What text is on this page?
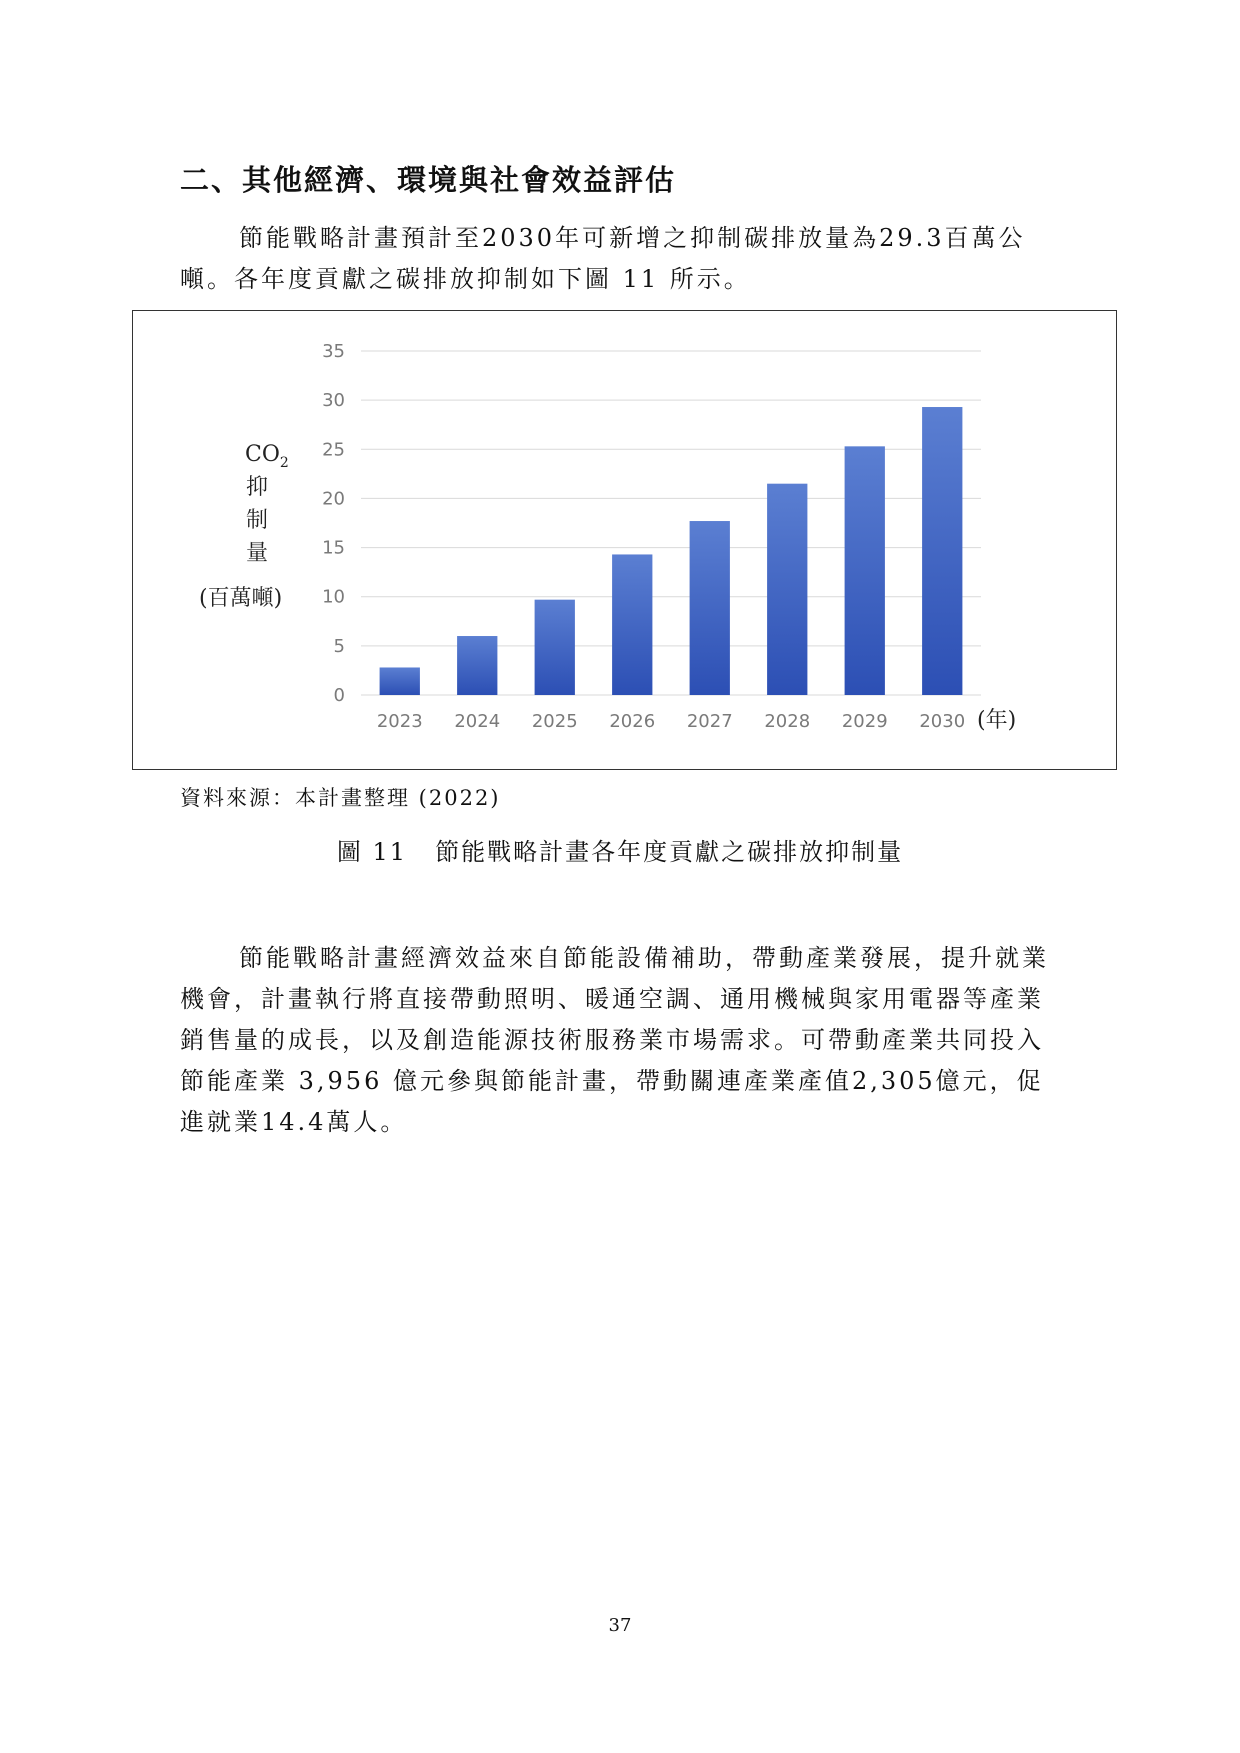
二、其他經濟、環境與社會效益評估

節能戰略計畫預計至2030年可新增之抑制碳排放量為29.3百萬公噸。各年度貢獻之碳排放抑制如下圖 11 所示。

0
5
10
15
20
25
30
35
2023 2024 2025 2026 2027 2028 2029 2030
$CO_2$
抑
制
量
(百萬噸)
(年)

資料來源：本計畫整理 (2022)

圖 11 節能戰略計畫各年度貢獻之碳排放抑制量

節能戰略計畫經濟效益來自節能設備補助，帶動產業發展，提升就業機會，計畫執行將直接帶動照明、暖通空調、通用機械與家用電器等產業銷售量的成長，以及創造能源技術服務業市場需求。可帶動產業共同投入節能產業 3,956 億元參與節能計畫，帶動關連產業產值2,305億元，促進就業14.4萬人。

37
